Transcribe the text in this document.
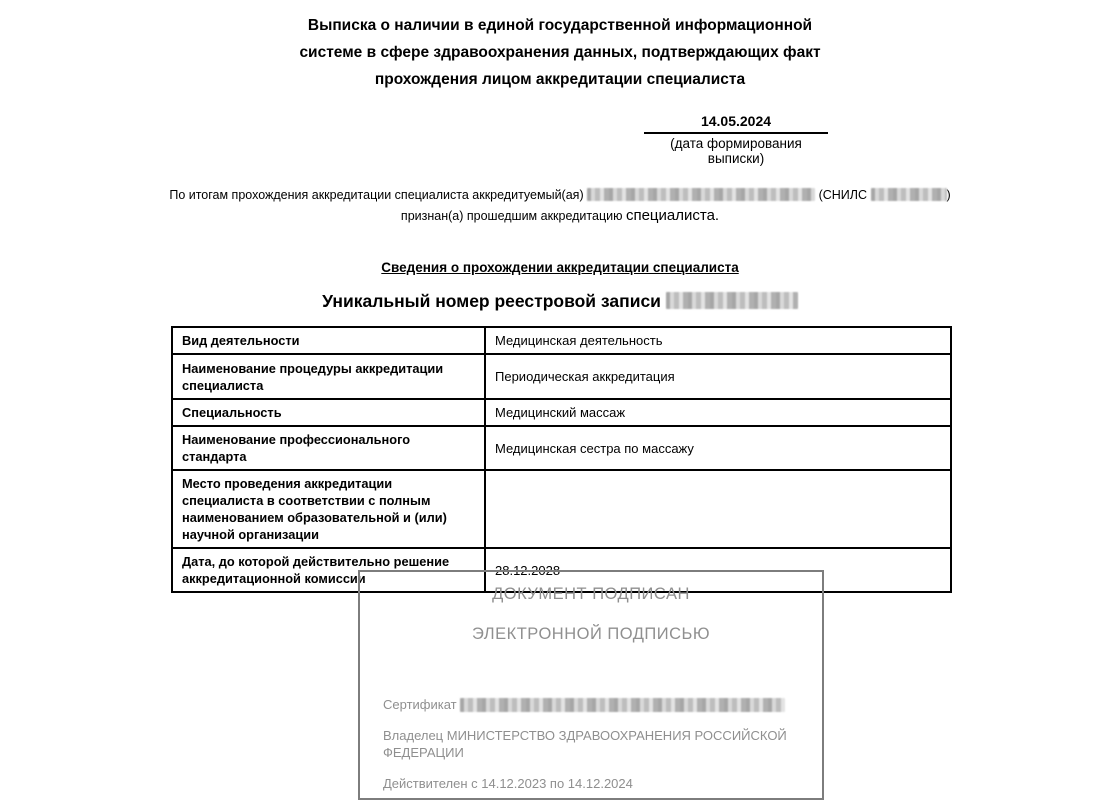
Выписка о наличии в единой государственной информационной
системе в сфере здравоохранения данных, подтверждающих факт
прохождения лицом аккредитации специалиста
14.05.2024
(дата формирования выписки)
По итогам прохождения аккредитации специалиста аккредитуемый(ая)	(СНИЛС	)
признан(а) прошедшим аккредитацию специалиста.
Сведения о прохождении аккредитации специалиста
Уникальный номер реестровой записи
Вид деятельности	Медицинская деятельность
Наименование процедуры аккредитации специалиста	Периодическая аккредитация
Специальность	Медицинский массаж
Наименование профессионального стандарта	Медицинская сестра по массажу
Место проведения аккредитации специалиста в соответствии с полным наименованием образовательной и (или) научной организации	
Дата, до которой действительно решение аккредитационной комиссии	28.12.2028
ДОКУМЕНТ ПОДПИСАН
ЭЛЕКТРОННОЙ ПОДПИСЬЮ
Сертификат
Владелец МИНИСТЕРСТВО ЗДРАВООХРАНЕНИЯ РОССИЙСКОЙ ФЕДЕРАЦИИ
Действителен с 14.12.2023 по 14.12.2024
